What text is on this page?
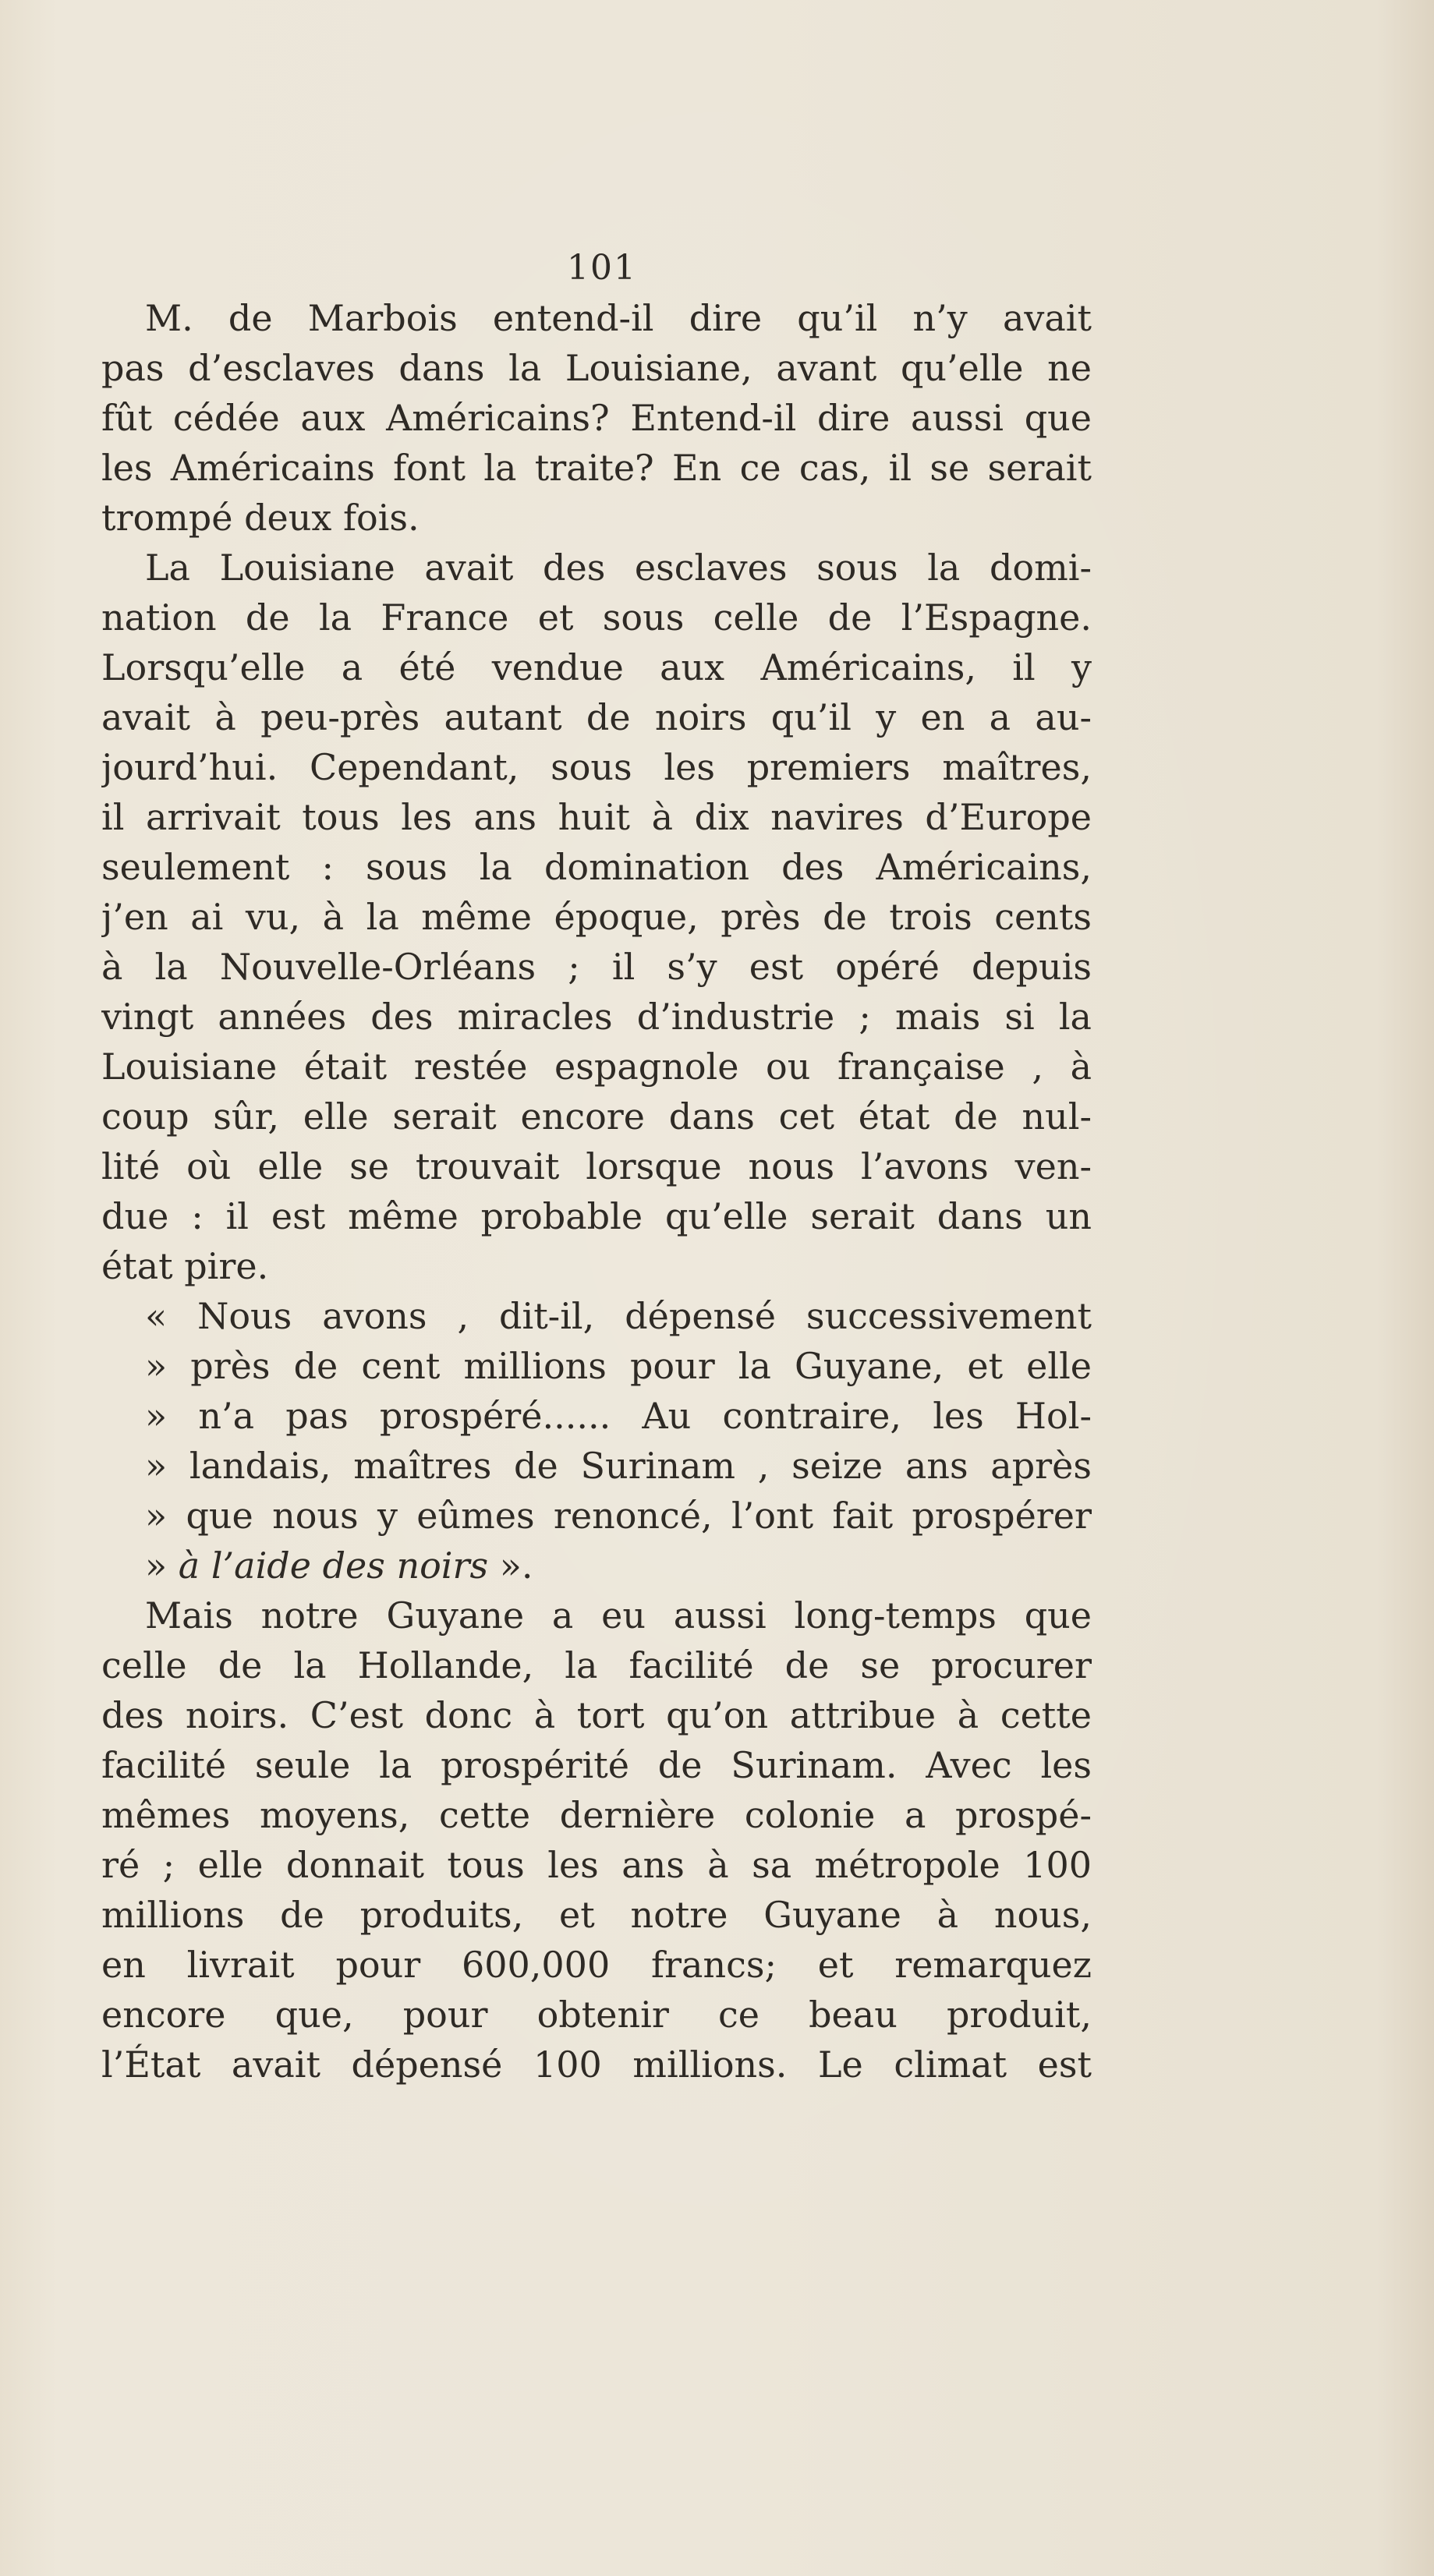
101
M. de Marbois entend-il dire qu’il n’y avait
pas d’esclaves dans la Louisiane, avant qu’elle ne
fût cédée aux Américains? Entend-il dire aussi que
les Américains font la traite? En ce cas, il se serait
trompé deux fois.
La Louisiane avait des esclaves sous la domi-
nation de la France et sous celle de l’Espagne.
Lorsqu’elle a été vendue aux Américains, il y
avait à peu-près autant de noirs qu’il y en a au-
jourd’hui. Cependant, sous les premiers maîtres,
il arrivait tous les ans huit à dix navires d’Europe
seulement : sous la domination des Américains,
j’en ai vu, à la même époque, près de trois cents
à la Nouvelle-Orléans ; il s’y est opéré depuis
vingt années des miracles d’industrie ; mais si la
Louisiane était restée espagnole ou française , à
coup sûr, elle serait encore dans cet état de nul-
lité où elle se trouvait lorsque nous l’avons ven-
due : il est même probable qu’elle serait dans un
état pire.
« Nous avons , dit-il, dépensé successivement
» près de cent millions pour la Guyane, et elle
» n’a pas prospéré...... Au contraire, les Hol-
» landais, maîtres de Surinam , seize ans après
» que nous y eûmes renoncé, l’ont fait prospérer
» à l’aide des noirs ».
Mais notre Guyane a eu aussi long-temps que
celle de la Hollande, la facilité de se procurer
des noirs. C’est donc à tort qu’on attribue à cette
facilité seule la prospérité de Surinam. Avec les
mêmes moyens, cette dernière colonie a prospé-
ré ; elle donnait tous les ans à sa métropole 100
millions de produits, et notre Guyane à nous,
en livrait pour 600,000 francs; et remarquez
encore que, pour obtenir ce beau produit,
l’État avait dépensé 100 millions. Le climat est
